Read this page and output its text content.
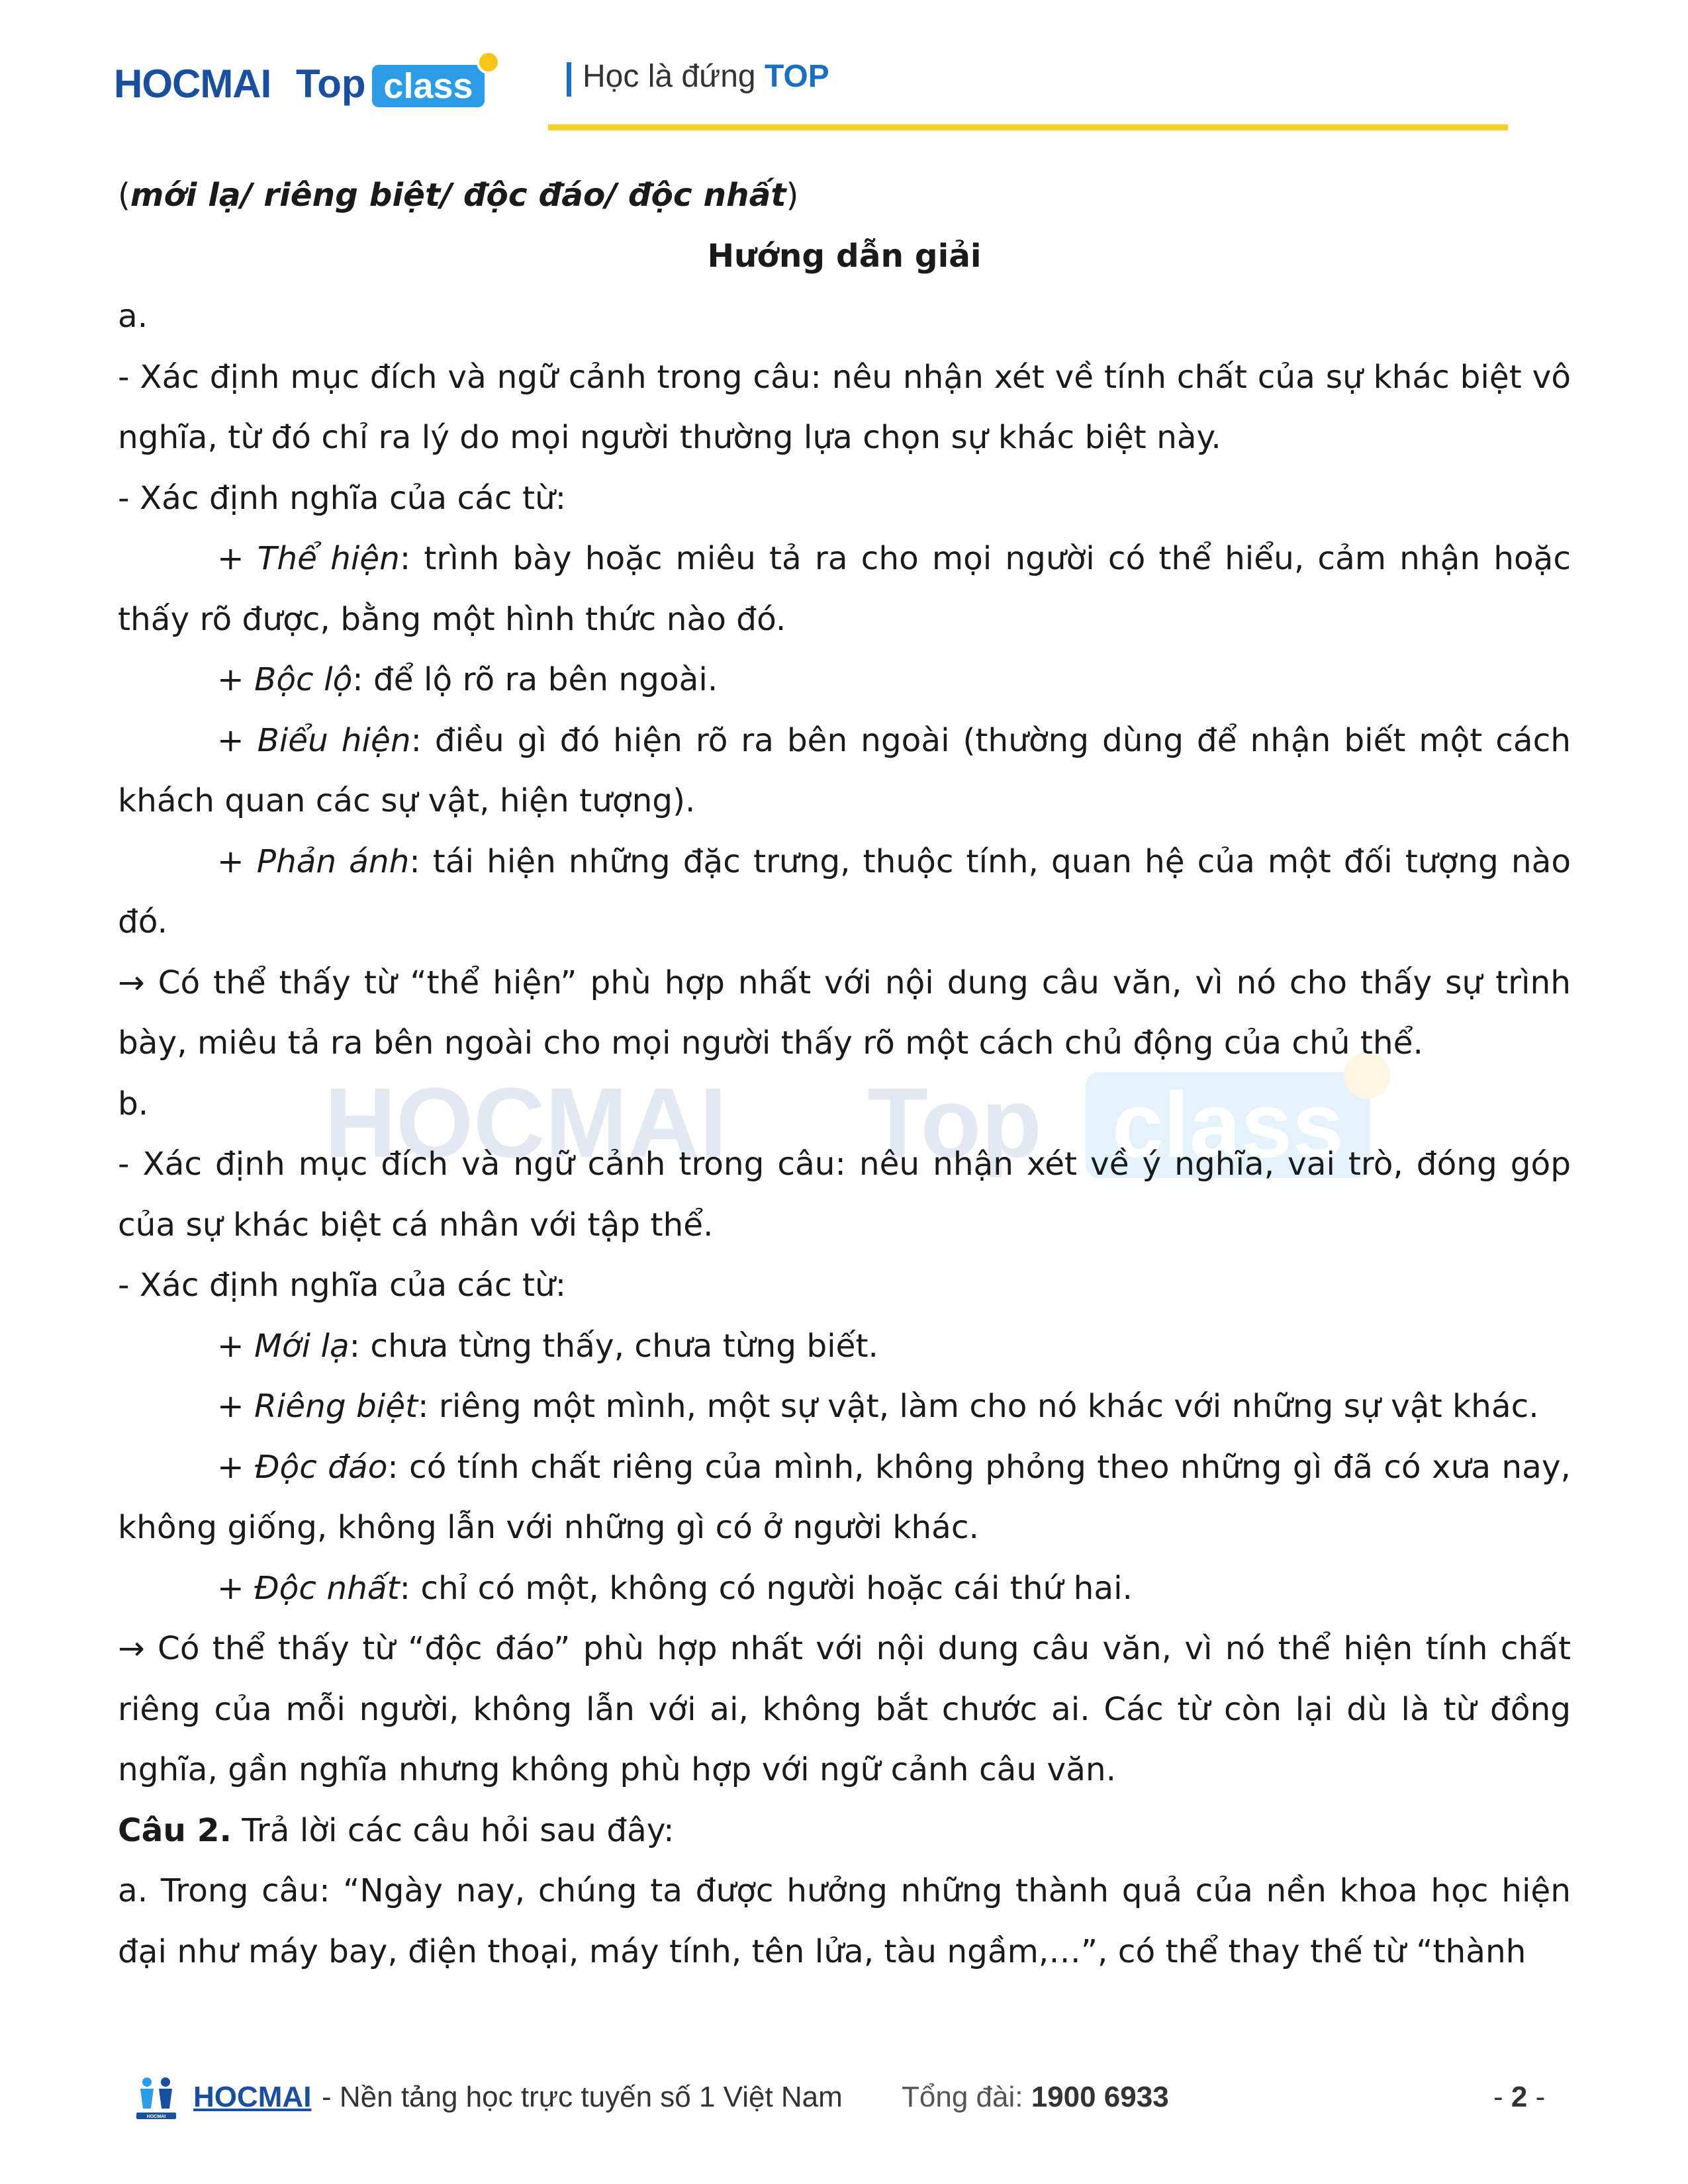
HOCMAI Top class	Học là đứng TOP
HOCMAI Top class

(mới lạ/ riêng biệt/ độc đáo/ độc nhất)

Hướng dẫn giải

a.

- Xác định mục đích và ngữ cảnh trong câu: nêu nhận xét về tính chất của sự khác biệt vô nghĩa, từ đó chỉ ra lý do mọi người thường lựa chọn sự khác biệt này.

- Xác định nghĩa của các từ:

+ Thể hiện: trình bày hoặc miêu tả ra cho mọi người có thể hiểu, cảm nhận hoặc thấy rõ được, bằng một hình thức nào đó.

+ Bộc lộ: để lộ rõ ra bên ngoài.

+ Biểu hiện: điều gì đó hiện rõ ra bên ngoài (thường dùng để nhận biết một cách khách quan các sự vật, hiện tượng).

+ Phản ánh: tái hiện những đặc trưng, thuộc tính, quan hệ của một đối tượng nào đó.

→ Có thể thấy từ “thể hiện” phù hợp nhất với nội dung câu văn, vì nó cho thấy sự trình bày, miêu tả ra bên ngoài cho mọi người thấy rõ một cách chủ động của chủ thể.

b.

- Xác định mục đích và ngữ cảnh trong câu: nêu nhận xét về ý nghĩa, vai trò, đóng góp của sự khác biệt cá nhân với tập thể.

- Xác định nghĩa của các từ:

+ Mới lạ: chưa từng thấy, chưa từng biết.

+ Riêng biệt: riêng một mình, một sự vật, làm cho nó khác với những sự vật khác.

+ Độc đáo: có tính chất riêng của mình, không phỏng theo những gì đã có xưa nay, không giống, không lẫn với những gì có ở người khác.

+ Độc nhất: chỉ có một, không có người hoặc cái thứ hai.

→ Có thể thấy từ “độc đáo” phù hợp nhất với nội dung câu văn, vì nó thể hiện tính chất riêng của mỗi người, không lẫn với ai, không bắt chước ai. Các từ còn lại dù là từ đồng nghĩa, gần nghĩa nhưng không phù hợp với ngữ cảnh câu văn.

Câu 2. Trả lời các câu hỏi sau đây:

a. Trong câu: “Ngày nay, chúng ta được hưởng những thành quả của nền khoa học hiện đại như máy bay, điện thoại, máy tính, tên lửa, tàu ngầm,…”, có thể thay thế từ “thành

HOCMAI
HOCMAI - Nền tảng học trực tuyến số 1 Việt Nam Tổng đài: 1900 6933	- 2 -
